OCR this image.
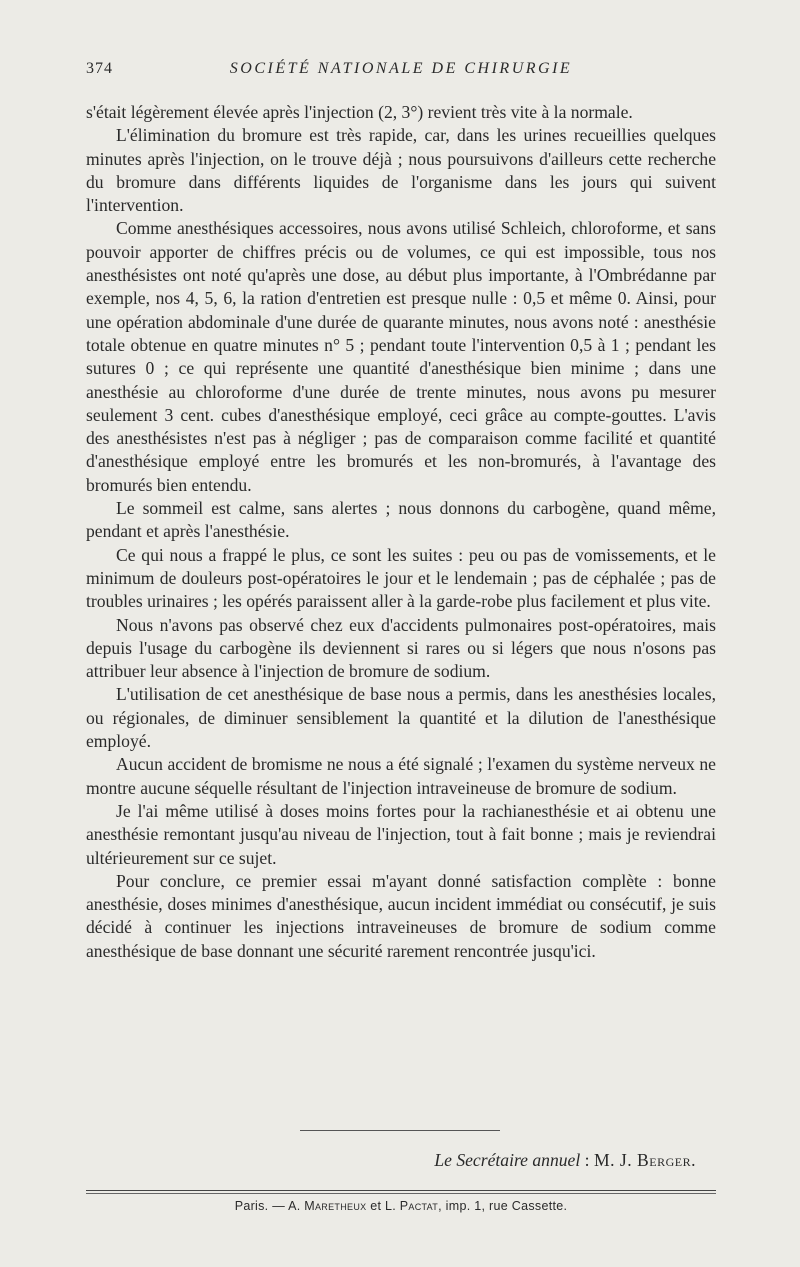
374	SOCIÉTÉ NATIONALE DE CHIRURGIE

s'était légèrement élevée après l'injection (2, 3°) revient très vite à la normale.

L'élimination du bromure est très rapide, car, dans les urines recueillies quelques minutes après l'injection, on le trouve déjà ; nous poursuivons d'ailleurs cette recherche du bromure dans différents liquides de l'organisme dans les jours qui suivent l'intervention.

Comme anesthésiques accessoires, nous avons utilisé Schleich, chloroforme, et sans pouvoir apporter de chiffres précis ou de volumes, ce qui est impossible, tous nos anesthésistes ont noté qu'après une dose, au début plus importante, à l'Ombrédanne par exemple, nos 4, 5, 6, la ration d'entretien est presque nulle : 0,5 et même 0. Ainsi, pour une opération abdominale d'une durée de quarante minutes, nous avons noté : anesthésie totale obtenue en quatre minutes n° 5 ; pendant toute l'intervention 0,5 à 1 ; pendant les sutures 0 ; ce qui représente une quantité d'anesthésique bien minime ; dans une anesthésie au chloroforme d'une durée de trente minutes, nous avons pu mesurer seulement 3 cent. cubes d'anesthésique employé, ceci grâce au compte-gouttes. L'avis des anesthésistes n'est pas à négliger ; pas de comparaison comme facilité et quantité d'anesthésique employé entre les bromurés et les non-bromurés, à l'avantage des bromurés bien entendu.

Le sommeil est calme, sans alertes ; nous donnons du carbogène, quand même, pendant et après l'anesthésie.

Ce qui nous a frappé le plus, ce sont les suites : peu ou pas de vomissements, et le minimum de douleurs post-opératoires le jour et le lendemain ; pas de céphalée ; pas de troubles urinaires ; les opérés paraissent aller à la garde-robe plus facilement et plus vite.

Nous n'avons pas observé chez eux d'accidents pulmonaires post-opératoires, mais depuis l'usage du carbogène ils deviennent si rares ou si légers que nous n'osons pas attribuer leur absence à l'injection de bromure de sodium.

L'utilisation de cet anesthésique de base nous a permis, dans les anesthésies locales, ou régionales, de diminuer sensiblement la quantité et la dilution de l'anesthésique employé.

Aucun accident de bromisme ne nous a été signalé ; l'examen du système nerveux ne montre aucune séquelle résultant de l'injection intraveineuse de bromure de sodium.

Je l'ai même utilisé à doses moins fortes pour la rachianesthésie et ai obtenu une anesthésie remontant jusqu'au niveau de l'injection, tout à fait bonne ; mais je reviendrai ultérieurement sur ce sujet.

Pour conclure, ce premier essai m'ayant donné satisfaction complète : bonne anesthésie, doses minimes d'anesthésique, aucun incident immédiat ou consécutif, je suis décidé à continuer les injections intraveineuses de bromure de sodium comme anesthésique de base donnant une sécurité rarement rencontrée jusqu'ici.

Le Secrétaire annuel : M. J. Berger.
Paris. — A. Maretheux et L. Pactat, imp. 1, rue Cassette.
